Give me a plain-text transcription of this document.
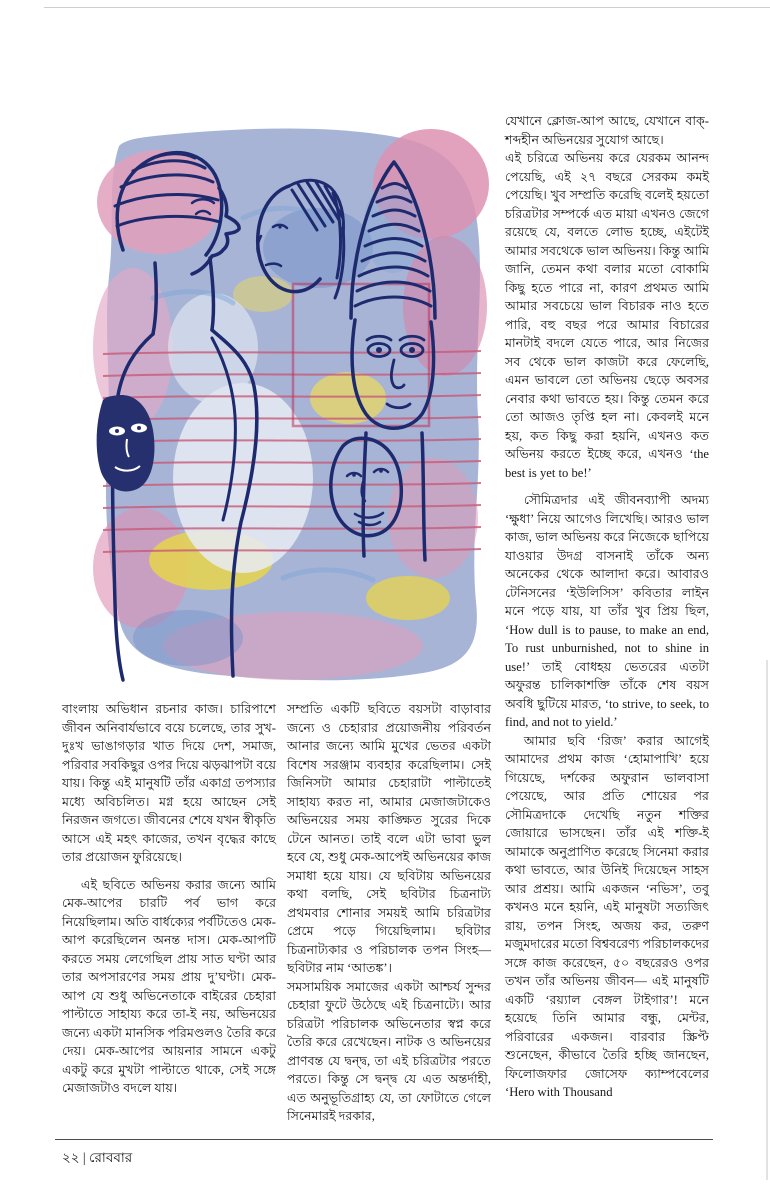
বাংলায় অভিধান রচনার কাজ। চারিপাশে জীবন অনিবার্যভাবে বয়ে চলেছে, তার সুখ-দুঃখ ভাঙাগড়ার খাত দিয়ে দেশ, সমাজ, পরিবার সবকিছুর ওপর দিয়ে ঝড়ঝাপটা বয়ে যায়। কিন্তু এই মানুষটি তাঁর একাগ্র তপস্যার মধ্যে অবিচলিত। মগ্ন হয়ে আছেন সেই নিরজন জগতে। জীবনের শেষে যখন স্বীকৃতি আসে এই মহৎ কাজের, তখন বৃদ্ধের কাছে তার প্রয়োজন ফুরিয়েছে।

এই ছবিতে অভিনয় করার জন্যে আমি মেক-আপের চারটি পর্ব ভাগ করে নিয়েছিলাম। অতি বার্ধক্যের পর্বটিতেও মেক-আপ করেছিলেন অনন্ত দাস। মেক-আপটি করতে সময় লেগেছিল প্রায় সাত ঘণ্টা আর তার অপসারণের সময় প্রায় দু’ঘণ্টা। মেক-আপ যে শুধু অভিনেতাকে বাইরের চেহারা পাল্টাতে সাহায্য করে তা-ই নয়, অভিনয়ের জন্যে একটা মানসিক পরিমণ্ডলও তৈরি করে দেয়। মেক-আপের আয়নার সামনে একটু একটু করে মুখটা পাল্টাতে থাকে, সেই সঙ্গে মেজাজটাও বদলে যায়।

সম্প্রতি একটি ছবিতে বয়সটা বাড়াবার জন্যে ও চেহারার প্রয়োজনীয় পরিবর্তন আনার জন্যে আমি মুখের ভেতর একটা বিশেষ সরঞ্জাম ব্যবহার করেছিলাম। সেই জিনিসটা আমার চেহারাটা পাল্টাতেই সাহায্য করত না, আমার মেজাজটাকেও অভিনয়ের সময় কাঙ্ক্ষিত সুরের দিকে টেনে আনত। তাই বলে এটা ভাবা ভুল হবে যে, শুধু মেক-আপেই অভিনয়ের কাজ সমাধা হয়ে যায়। যে ছবিটায় অভিনয়ের কথা বলছি, সেই ছবিটার চিত্রনাট্য প্রথমবার শোনার সময়ই আমি চরিত্রটার প্রেমে পড়ে গিয়েছিলাম। ছবিটার চিত্রনাট্যকার ও পরিচালক তপন সিংহ— ছবিটার নাম ‘আতঙ্ক’।

সমসাময়িক সমাজের একটা আশ্চর্য সুন্দর চেহারা ফুটে উঠেছে এই চিত্রনাট্যে। আর চরিত্রটা পরিচালক অভিনেতার স্বপ্ন করে তৈরি করে রেখেছেন। নাটক ও অভিনয়ের প্রাণবন্ত যে দ্বন্দ্ব, তা এই চরিত্রটার পরতে পরতে। কিন্তু সে দ্বন্দ্ব যে এত অন্তর্দাহী, এত অনুভূতিগ্রাহ্য যে, তা ফোটাতে গেলে সিনেমারই দরকার,

যেখানে ক্লোজ-আপ আছে, যেখানে বাক্-শব্দহীন অভিনয়ের সুযোগ আছে।

এই চরিত্রে অভিনয় করে যেরকম আনন্দ পেয়েছি, এই ২৭ বছরে সেরকম কমই পেয়েছি। খুব সম্প্রতি করেছি বলেই হয়তো চরিত্রটার সম্পর্কে এত মায়া এখনও জেগে রয়েছে যে, বলতে লোভ হচ্ছে, এইটেই আমার সবথেকে ভাল অভিনয়। কিন্তু আমি জানি, তেমন কথা বলার মতো বোকামি কিছু হতে পারে না, কারণ প্রথমত আমি আমার সবচেয়ে ভাল বিচারক নাও হতে পারি, বহু বছর পরে আমার বিচারের মানটাই বদলে যেতে পারে, আর নিজের সব থেকে ভাল কাজটা করে ফেলেছি, এমন ভাবলে তো অভিনয় ছেড়ে অবসর নেবার কথা ভাবতে হয়। কিন্তু তেমন করে তো আজও তৃপ্তি হল না। কেবলই মনে হয়, কত কিছু করা হয়নি, এখনও কত অভিনয় করতে ইচ্ছে করে, এখনও ‘the best is yet to be!’

সৌমিত্রদার এই জীবনব্যাপী অদম্য ‘ক্ষুধা’ নিয়ে আগেও লিখেছি। আরও ভাল কাজ, ভাল অভিনয় করে নিজেকে ছাপিয়ে যাওয়ার উদগ্র বাসনাই তাঁকে অন্য অনেকের থেকে আলাদা করে। আবারও টেনিসনের ‘ইউলিসিস’ কবিতার লাইন মনে পড়ে যায়, যা তাঁর খুব প্রিয় ছিল, ‘How dull is to pause, to make an end, To rust unburnished, not to shine in use!’ তাই বোধহয় ভেতরের এতটা অফুরন্ত চালিকাশক্তি তাঁকে শেষ বয়স অবধি ছুটিয়ে মারত, ‘to strive, to seek, to find, and not to yield.’

আমার ছবি ‘রিজ’ করার আগেই আমাদের প্রথম কাজ ‘হোমাপাখি’ হয়ে গিয়েছে, দর্শকের অফুরান ভালবাসা পেয়েছে, আর প্রতি শোয়ের পর সৌমিত্রদাকে দেখেছি নতুন শক্তির জোয়ারে ভাসছেন। তাঁর এই শক্তি-ই আমাকে অনুপ্রাণিত করেছে সিনেমা করার কথা ভাবতে, আর উনিই দিয়েছেন সাহস আর প্রশ্রয়। আমি একজন ‘নভিস’, তবু কখনও মনে হয়নি, এই মানুষটা সত্যজিৎ রায়, তপন সিংহ, অজয় কর, তরুণ মজুমদারের মতো বিশ্ববরেণ্য পরিচালকদের সঙ্গে কাজ করেছেন, ৫০ বছরেরও ওপর তখন তাঁর অভিনয় জীবন— এই মানুষটি একটি ‘রয়্যাল বেঙ্গল টাইগার’! মনে হয়েছে তিনি আমার বন্ধু, মেন্টর, পরিবারের একজন। বারবার স্ক্রিপ্ট শুনেছেন, কীভাবে তৈরি হচ্ছি জানছেন, ফিলোজফার জোসেফ ক্যাম্পবেলের ‘Hero with Thousand

২২ | রোববার
